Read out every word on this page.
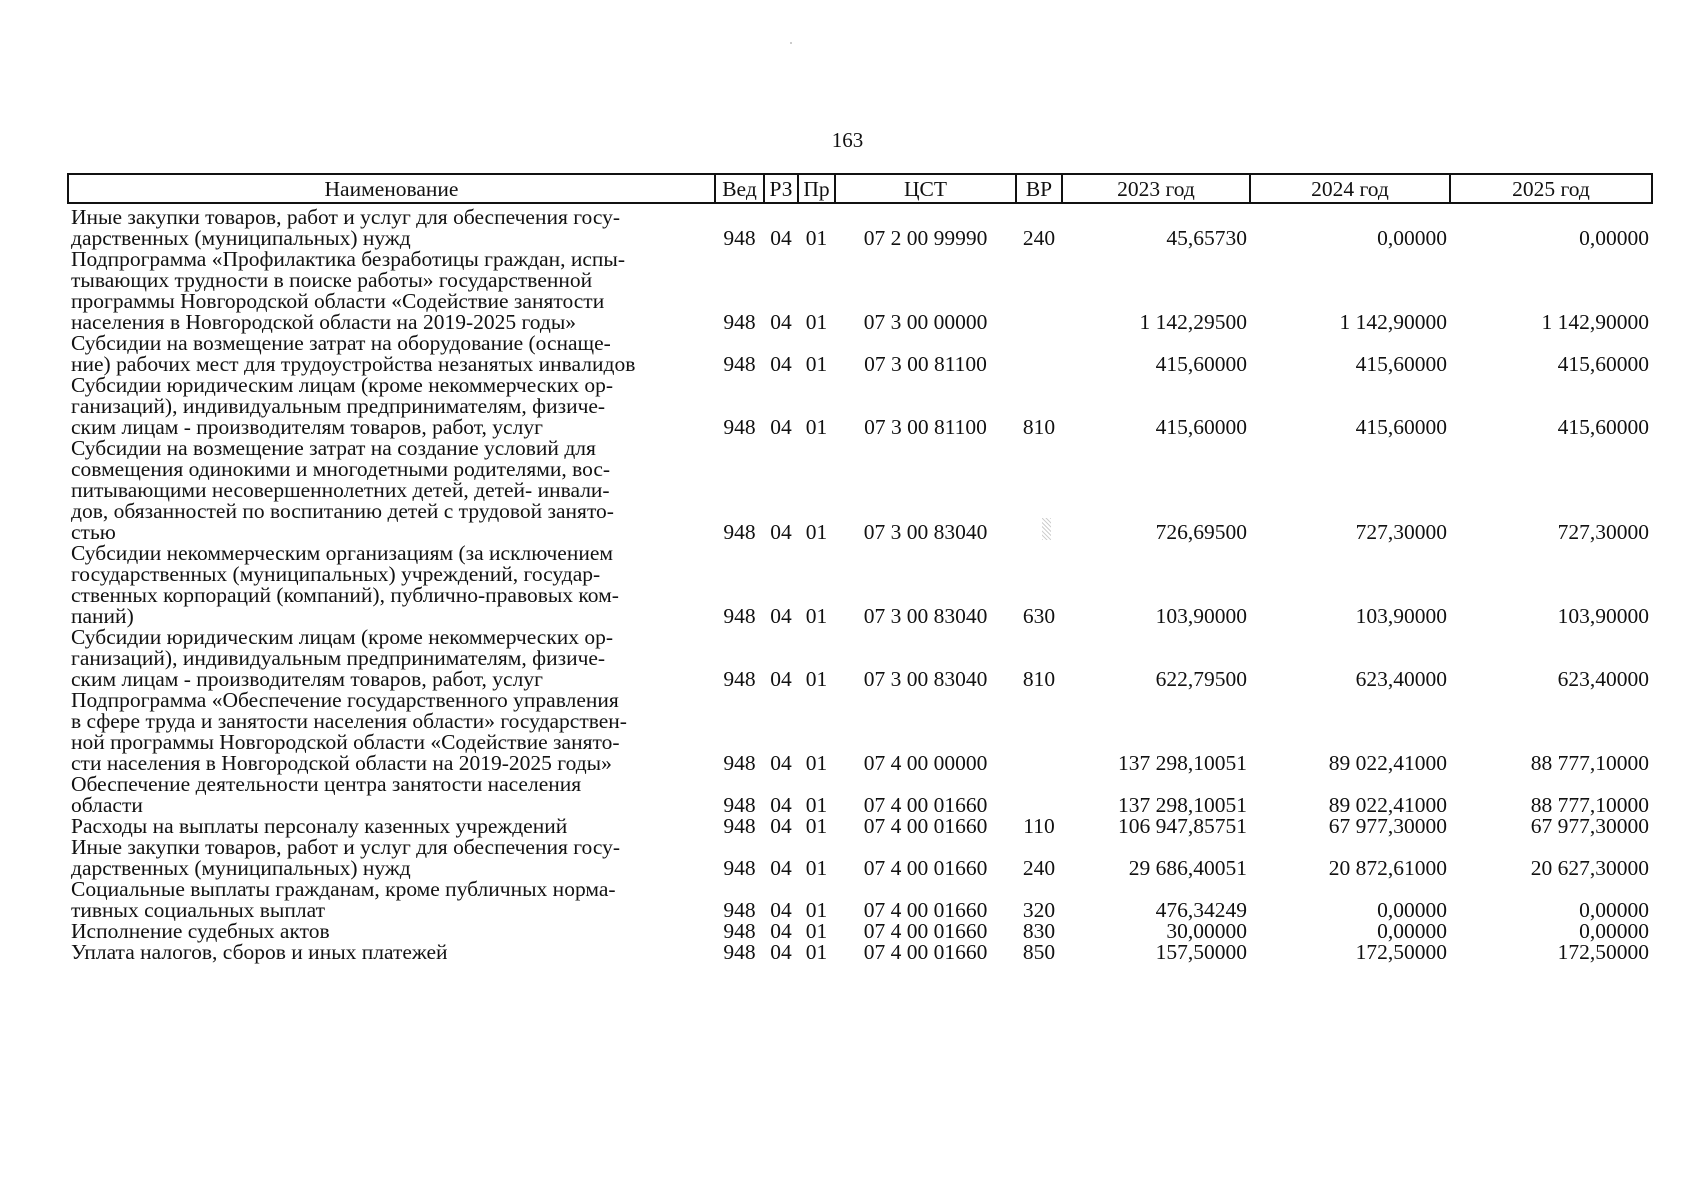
163
Наименование	Вед	РЗ	Пр	ЦСТ	ВР	2023 год	2024 год	2025 год

Иные закупки товаров, работ и услуг для обеспечения госу-
дарственных (муниципальных) нужд	948	04	01	07 2 00 99990	240	45,65730	0,00000	0,00000

Подпрограмма «Профилактика безработицы граждан, испы-
тывающих трудности в поиске работы» государственной
программы Новгородской области «Содействие занятости
населения в Новгородской области на 2019-2025 годы»	948	04	01	07 3 00 00000		1 142,29500	1 142,90000	1 142,90000

Субсидии на возмещение затрат на оборудование (оснаще-
ние) рабочих мест для трудоустройства незанятых инвалидов	948	04	01	07 3 00 81100		415,60000	415,60000	415,60000

Субсидии юридическим лицам (кроме некоммерческих ор-
ганизаций), индивидуальным предпринимателям, физиче-
ским лицам - производителям товаров, работ, услуг	948	04	01	07 3 00 81100	810	415,60000	415,60000	415,60000

Субсидии на возмещение затрат на создание условий для
совмещения одинокими и многодетными родителями, вос-
питывающими несовершеннолетних детей, детей- инвали-
дов, обязанностей по воспитанию детей с трудовой занято-
стью	948	04	01	07 3 00 83040		726,69500	727,30000	727,30000

Субсидии некоммерческим организациям (за исключением
государственных (муниципальных) учреждений, государ-
ственных корпораций (компаний), публично-правовых ком-
паний)	948	04	01	07 3 00 83040	630	103,90000	103,90000	103,90000

Субсидии юридическим лицам (кроме некоммерческих ор-
ганизаций), индивидуальным предпринимателям, физиче-
ским лицам - производителям товаров, работ, услуг	948	04	01	07 3 00 83040	810	622,79500	623,40000	623,40000

Подпрограмма «Обеспечение государственного управления
в сфере труда и занятости населения области» государствен-
ной программы Новгородской области «Содействие занято-
сти населения в Новгородской области на 2019-2025 годы»	948	04	01	07 4 00 00000		137 298,10051	89 022,41000	88 777,10000

Обеспечение деятельности центра занятости населения
области	948	04	01	07 4 00 01660		137 298,10051	89 022,41000	88 777,10000

Расходы на выплаты персоналу казенных учреждений	948	04	01	07 4 00 01660	110	106 947,85751	67 977,30000	67 977,30000

Иные закупки товаров, работ и услуг для обеспечения госу-
дарственных (муниципальных) нужд	948	04	01	07 4 00 01660	240	29 686,40051	20 872,61000	20 627,30000

Социальные выплаты гражданам, кроме публичных норма-
тивных социальных выплат	948	04	01	07 4 00 01660	320	476,34249	0,00000	0,00000

Исполнение судебных актов	948	04	01	07 4 00 01660	830	30,00000	0,00000	0,00000

Уплата налогов, сборов и иных платежей	948	04	01	07 4 00 01660	850	157,50000	172,50000	172,50000
